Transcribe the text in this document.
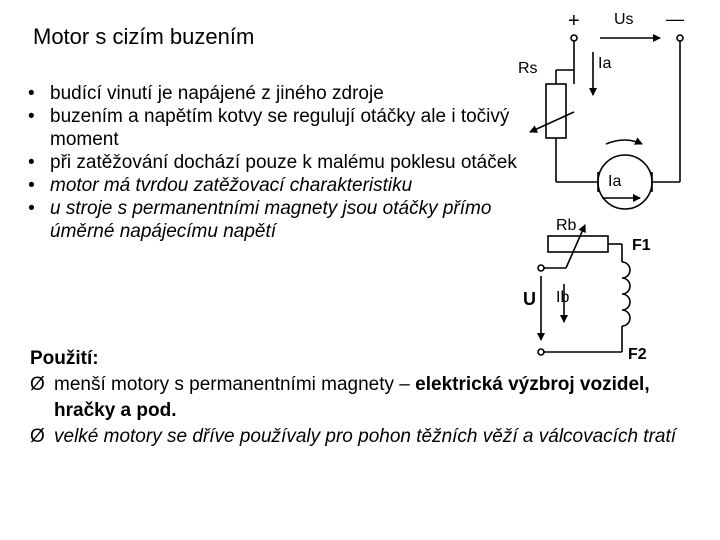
Motor s cizím buzením
• budící vinutí je napájené z jiného zdroje
• buzením a napětím kotvy se regulují otáčky ale i točivý moment
• při zatěžování dochází pouze k malému poklesu otáček
• motor má tvrdou zatěžovací charakteristiku
• u stroje s permanentními magnety jsou otáčky přímo úměrné napájecímu napětí
Použití:
Ø menší motory s permanentními magnety – elektrická výzbroj vozidel, hračky a pod.
Ø velké motory se dříve používaly pro pohon těžních věží a válcovacích tratí
+	—
Us
Rs	Ia
Ia
Rb
F1
F2
U Ib
